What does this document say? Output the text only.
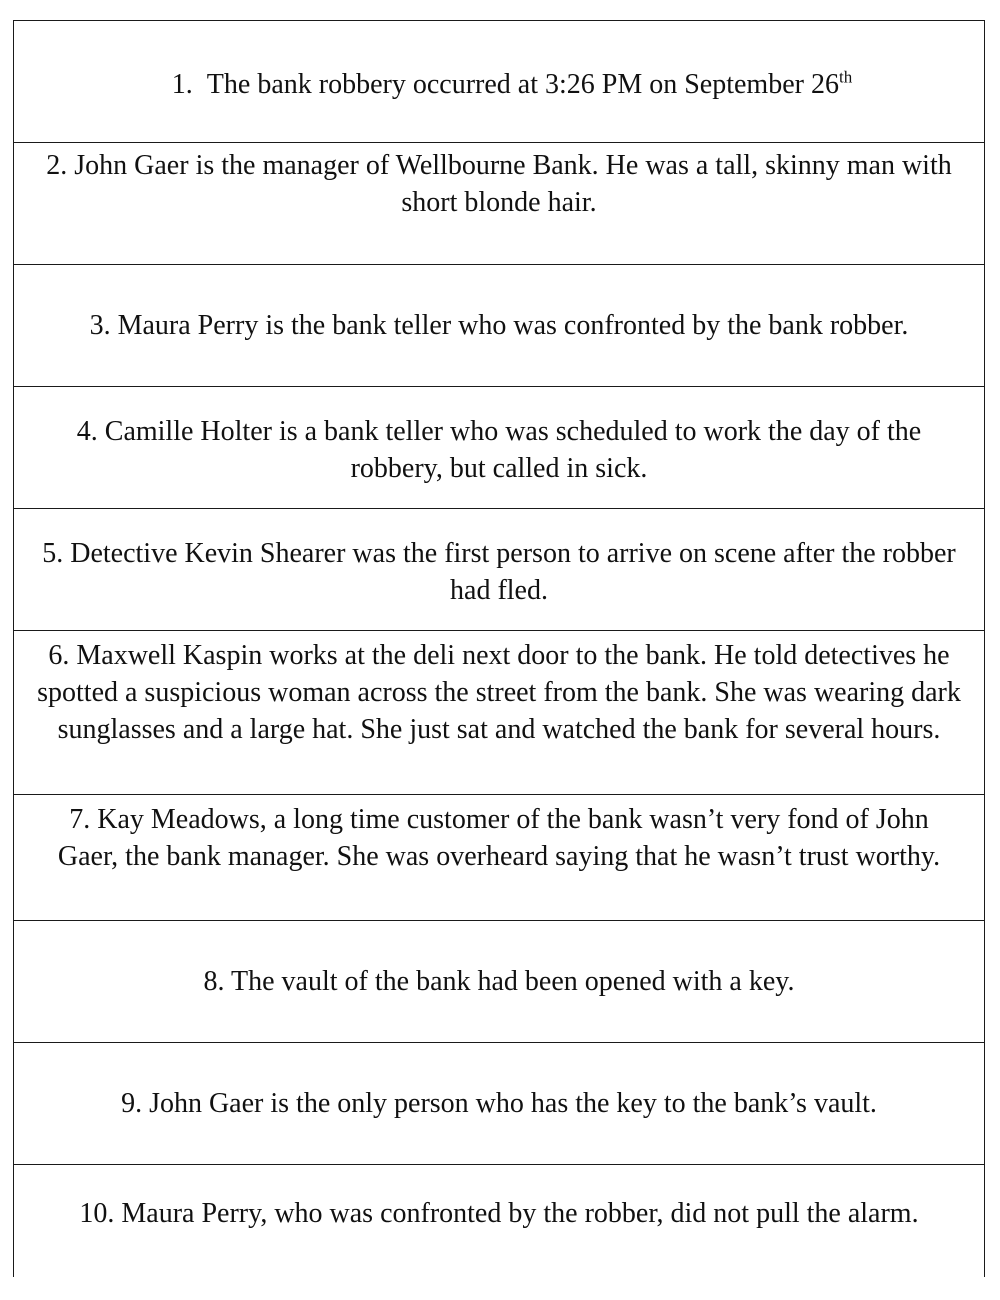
1.  The bank robbery occurred at 3:26 PM on September 26th
2. John Gaer is the manager of Wellbourne Bank. He was a tall, skinny man with short blonde hair.
3. Maura Perry is the bank teller who was confronted by the bank robber.
4. Camille Holter is a bank teller who was scheduled to work the day of the robbery, but called in sick.
5. Detective Kevin Shearer was the first person to arrive on scene after the robber had fled.
6. Maxwell Kaspin works at the deli next door to the bank. He told detectives he spotted a suspicious woman across the street from the bank. She was wearing dark sunglasses and a large hat. She just sat and watched the bank for several hours.
7. Kay Meadows, a long time customer of the bank wasn’t very fond of John Gaer, the bank manager. She was overheard saying that he wasn’t trust worthy.
8. The vault of the bank had been opened with a key.
9. John Gaer is the only person who has the key to the bank’s vault.
10. Maura Perry, who was confronted by the robber, did not pull the alarm.
